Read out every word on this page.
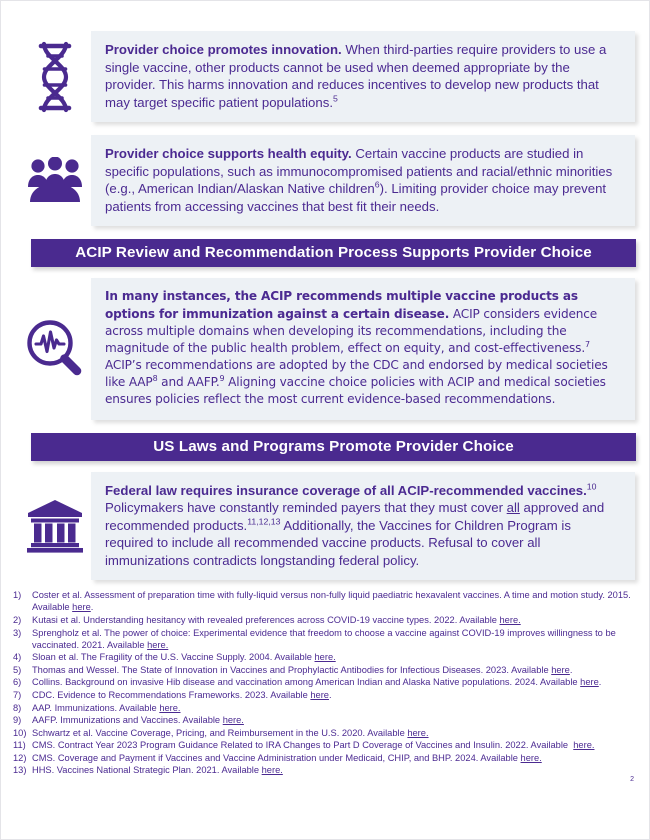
Provider choice promotes innovation. When third-parties require providers to use a single vaccine, other products cannot be used when deemed appropriate by the provider. This harms innovation and reduces incentives to develop new products that may target specific patient populations.$^5$
Provider choice supports health equity. Certain vaccine products are studied in specific populations, such as immunocompromised patients and racial/ethnic minorities (e.g., American Indian/Alaskan Native children$^6$). Limiting provider choice may prevent patients from accessing vaccines that best fit their needs.
ACIP Review and Recommendation Process Supports Provider Choice
In many instances, the ACIP recommends multiple vaccine products as options for immunization against a certain disease. ACIP considers evidence across multiple domains when developing its recommendations, including the magnitude of the public health problem, effect on equity, and cost-effectiveness.$^7$ ACIP’s recommendations are adopted by the CDC and endorsed by medical societies like AAP$^8$ and AAFP.$^9$ Aligning vaccine choice policies with ACIP and medical societies ensures policies reflect the most current evidence-based recommendations.
US Laws and Programs Promote Provider Choice
Federal law requires insurance coverage of all ACIP-recommended vaccines.$^{10}$ Policymakers have constantly reminded payers that they must cover all approved and recommended products.$^{11,12,13}$ Additionally, the Vaccines for Children Program is required to include all recommended vaccine products. Refusal to cover all immunizations contradicts longstanding federal policy.
1)	Coster et al. Assessment of preparation time with fully-liquid versus non-fully liquid paediatric hexavalent vaccines. A time and motion study. 2015. Available here.
2)	Kutasi et al. Understanding hesitancy with revealed preferences across COVID-19 vaccine types. 2022. Available here.
3)	Sprengholz et al. The power of choice: Experimental evidence that freedom to choose a vaccine against COVID-19 improves willingness to be vaccinated. 2021. Available here.
4)	Sloan et al. The Fragility of the U.S. Vaccine Supply. 2004. Available here.
5)	Thomas and Wessel. The State of Innovation in Vaccines and Prophylactic Antibodies for Infectious Diseases. 2023. Available here.
6)	Collins. Background on invasive Hib disease and vaccination among American Indian and Alaska Native populations. 2024. Available here.
7)	CDC. Evidence to Recommendations Frameworks. 2023. Available here.
8)	AAP. Immunizations. Available here.
9)	AAFP. Immunizations and Vaccines. Available here.
10) Schwartz et al. Vaccine Coverage, Pricing, and Reimbursement in the U.S. 2020. Available here.
11) CMS. Contract Year 2023 Program Guidance Related to IRA Changes to Part D Coverage of Vaccines and Insulin. 2022. Available  here.
12) CMS. Coverage and Payment if Vaccines and Vaccine Administration under Medicaid, CHIP, and BHP. 2024. Available here.
13) HHS. Vaccines National Strategic Plan. 2021. Available here.
2
